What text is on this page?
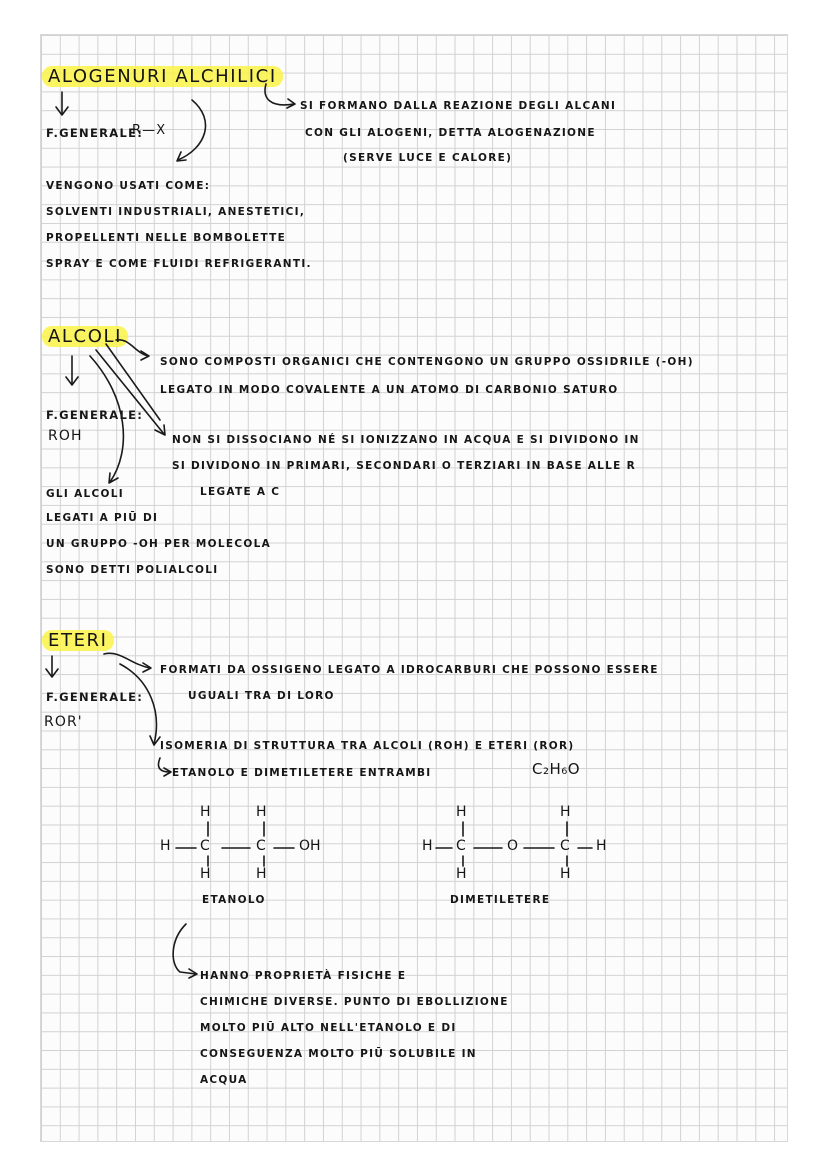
ALOGENURI ALCHILICI
F.GENERALE:
R—X
SI FORMANO DALLA REAZIONE DEGLI ALCANI
CON GLI ALOGENI, DETTA ALOGENAZIONE
(SERVE LUCE E CALORE)
VENGONO USATI COME:
SOLVENTI INDUSTRIALI, ANESTETICI,
PROPELLENTI NELLE BOMBOLETTE
SPRAY E COME FLUIDI REFRIGERANTI.
ALCOLI
F.GENERALE:
ROH
SONO COMPOSTI ORGANICI CHE CONTENGONO UN GRUPPO OSSIDRILE (-OH)
LEGATO IN MODO COVALENTE A UN ATOMO DI CARBONIO SATURO
NON SI DISSOCIANO NÉ SI IONIZZANO IN ACQUA E SI DIVIDONO IN
SI DIVIDONO IN PRIMARI, SECONDARI O TERZIARI IN BASE ALLE R
LEGATE A C
GLI ALCOLI
LEGATI A PIŪ DI
UN GRUPPO -OH PER MOLECOLA
SONO DETTI POLIALCOLI
ETERI
F.GENERALE:
ROR'
FORMATI DA OSSIGENO LEGATO A IDROCARBURI CHE POSSONO ESSERE
UGUALI TRA DI LORO
ISOMERIA DI STRUTTURA TRA ALCOLI (ROH) E ETERI (ROR)
ETANOLO E DIMETILETERE ENTRAMBI	C₂H₆O
H	H
H C	C OH
H	H
ETANOLO
H	H
H C	O	C H
H	H
DIMETILETERE
HANNO PROPRIETÀ FISICHE E
CHIMICHE DIVERSE. PUNTO DI EBOLLIZIONE
MOLTO PIŪ ALTO NELL'ETANOLO E DI
CONSEGUENZA MOLTO PIŪ SOLUBILE IN
ACQUA
